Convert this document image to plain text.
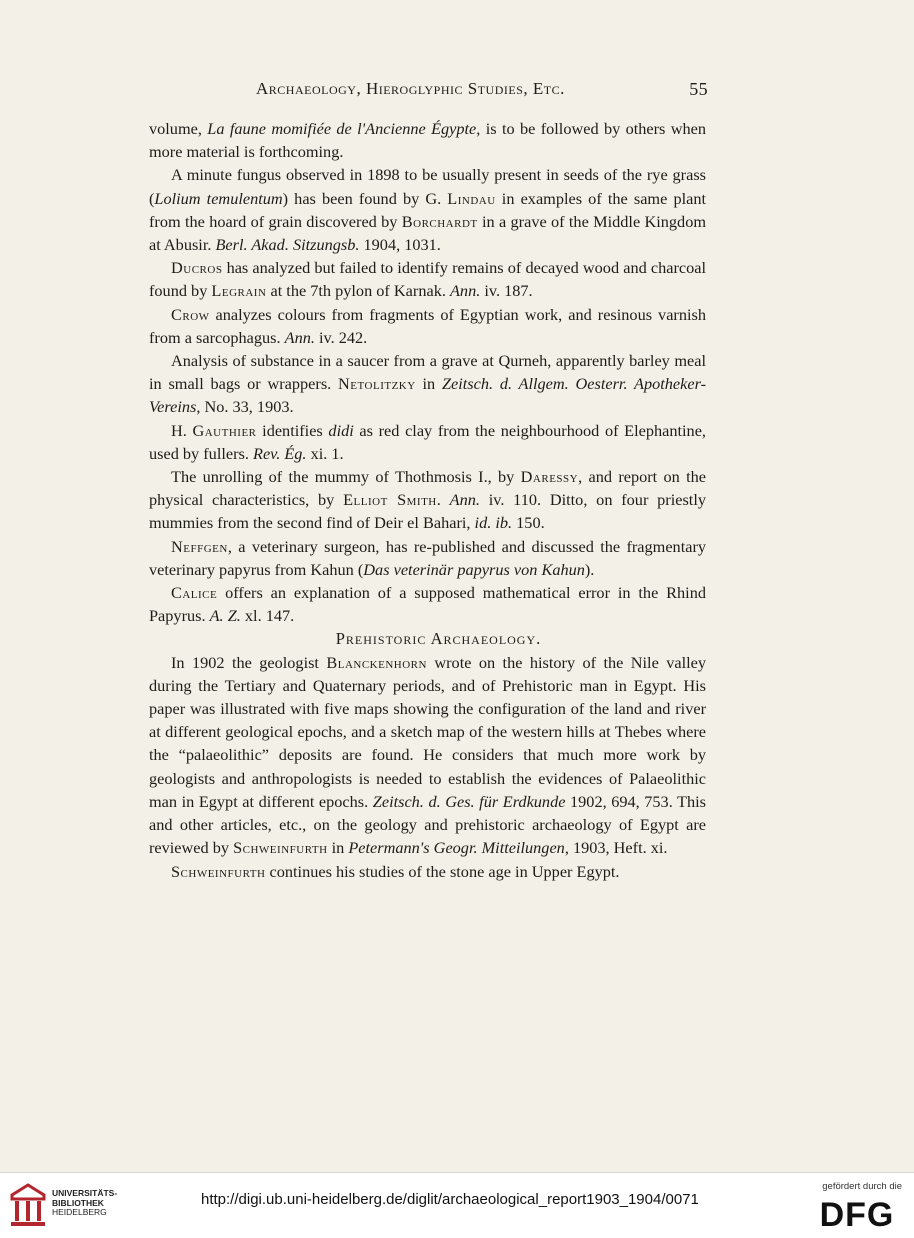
Archaeology, Hieroglyphic Studies, Etc.	55

volume, La faune momifiée de l'Ancienne Égypte, is to be followed by others when more material is forthcoming.

A minute fungus observed in 1898 to be usually present in seeds of the rye grass (Lolium temulentum) has been found by G. Lindau in examples of the same plant from the hoard of grain discovered by Borchardt in a grave of the Middle Kingdom at Abusir. Berl. Akad. Sitzungsb. 1904, 1031.

Ducros has analyzed but failed to identify remains of decayed wood and charcoal found by Legrain at the 7th pylon of Karnak. Ann. iv. 187.

Crow analyzes colours from fragments of Egyptian work, and resinous varnish from a sarcophagus. Ann. iv. 242.

Analysis of substance in a saucer from a grave at Qurneh, apparently barley meal in small bags or wrappers. Netolitzky in Zeitsch. d. Allgem. Oesterr. Apotheker-Vereins, No. 33, 1903.

H. Gauthier identifies didi as red clay from the neighbourhood of Elephantine, used by fullers. Rev. Ég. xi. 1.

The unrolling of the mummy of Thothmosis I., by Daressy, and report on the physical characteristics, by Elliot Smith. Ann. iv. 110. Ditto, on four priestly mummies from the second find of Deir el Bahari, id. ib. 150.

Neffgen, a veterinary surgeon, has re-published and discussed the fragmentary veterinary papyrus from Kahun (Das veterinär papyrus von Kahun).

Calice offers an explanation of a supposed mathematical error in the Rhind Papyrus. A. Z. xl. 147.

Prehistoric Archaeology.

In 1902 the geologist Blanckenhorn wrote on the history of the Nile valley during the Tertiary and Quaternary periods, and of Prehistoric man in Egypt. His paper was illustrated with five maps showing the configuration of the land and river at different geological epochs, and a sketch map of the western hills at Thebes where the “palaeolithic” deposits are found. He considers that much more work by geologists and anthropologists is needed to establish the evidences of Palaeolithic man in Egypt at different epochs. Zeitsch. d. Ges. für Erdkunde 1902, 694, 753. This and other articles, etc., on the geology and prehistoric archaeology of Egypt are reviewed by Schweinfurth in Petermann's Geogr. Mitteilungen, 1903, Heft. xi.

Schweinfurth continues his studies of the stone age in Upper Egypt.

UNIVERSITÄTS-
BIBLIOTHEK
HEIDELBERG
http://digi.ub.uni-heidelberg.de/diglit/archaeological_report1903_1904/0071
gefördert durch die
DFG
